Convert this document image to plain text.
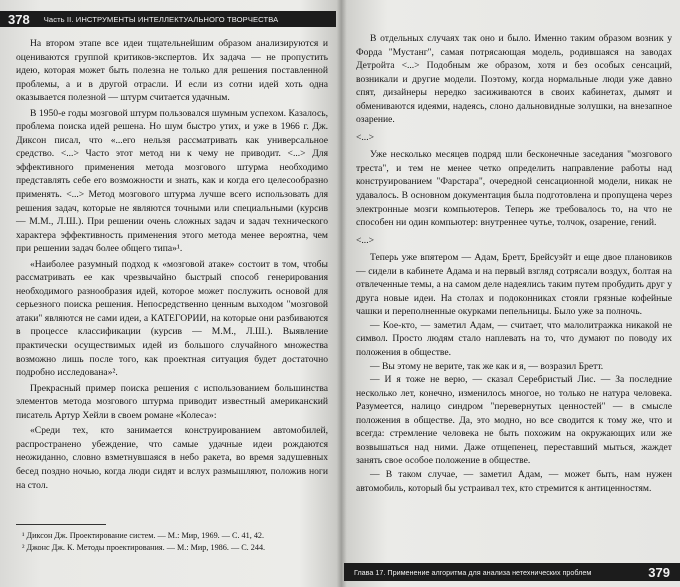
378	Часть II. ИНСТРУМЕНТЫ ИНТЕЛЛЕКТУАЛЬНОГО ТВОРЧЕСТВА

На втором этапе все идеи тщательнейшим образом анализируются и оцениваются группой критиков-экспертов. Их задача — не пропустить идею, которая может быть полезна не только для решения поставленной проблемы, а и в другой отрасли. И если из сотни идей хоть одна оказывается полезной — штурм считается удачным.

В 1950-е годы мозговой штурм пользовался шумным успехом. Казалось, проблема поиска идей решена. Но шум быстро утих, и уже в 1966 г. Дж. Диксон писал, что «...его нельзя рассматривать как универсальное средство. <...> Часто этот метод ни к чему не приводит. <...> Для эффективного применения метода мозгового штурма необходимо представлять себе его возможности и знать, как и когда его целесообразно применять. <...> Метод мозгового штурма лучше всего использовать для решения задач, которые не являются точными или специальными (курсив — М.М., Л.Ш.). При решении очень сложных задач и задач технического характера эффективность применения этого метода менее вероятна, чем при решении задач более общего типа»¹.

«Наиболее разумный подход к «мозговой атаке» состоит в том, чтобы рассматривать ее как чрезвычайно быстрый способ генерирования необходимого разнообразия идей, которое может послужить основой для серьезного поиска решения. Непосредственно ценным выходом "мозговой атаки" являются не сами идеи, а КАТЕГОРИИ, на которые они разбиваются в процессе классификации (курсив — М.М., Л.Ш.). Выявление практически осуществимых идей из большого случайного множества возможно лишь после того, как проектная ситуация будет достаточно подробно исследована»².

Прекрасный пример поиска решения с использованием большинства элементов метода мозгового штурма приводит известный американский писатель Артур Хейли в своем романе «Колеса»:

«Среди тех, кто занимается конструированием автомобилей, распространено убеждение, что самые удачные идеи рождаются неожиданно, словно взметнувшаяся в небо ракета, во время задушевных бесед поздно ночью, когда люди сидят и вслух размышляют, положив ноги на стол.

¹ Диксон Дж. Проектирование систем. — М.: Мир, 1969. — С. 41, 42.
² Джонс Дж. К. Методы проектирования. — М.: Мир, 1986. — С. 244.

В отдельных случаях так оно и было. Именно таким образом возник у Форда "Мустанг", самая потрясающая модель, родившаяся на заводах Детройта <...> Подобным же образом, хотя и без особых сенсаций, возникали и другие модели. Поэтому, когда нормальные люди уже давно спят, дизайнеры нередко засиживаются в своих кабинетах, дымят и обмениваются идеями, надеясь, слоно дальновидные золушки, на внезапное озарение.

<...>

Уже несколько месяцев подряд шли бесконечные заседания "мозгового треста", и тем не менее четко определить направление работы над конструированием "Фарстара", очередной сенсационной модели, никак не удавалось. В основном документация была подготовлена и пропущена через электронные мозги компьютеров. Теперь же требовалось то, на что не способен ни один компьютер: внутреннее чутье, толчок, озарение, гений.

<...>

Теперь уже впятером — Адам, Бретт, Брейсуэйт и еще двое плановиков — сидели в кабинете Адама и на первый взгляд сотрясали воздух, болтая на отвлеченные темы, а на самом деле надеялись таким путем пробудить друг у друга новые идеи. На столах и подоконниках стояли грязные кофейные чашки и переполненные окурками пепельницы. Было уже за полночь.

— Кое-кто, — заметил Адам, — считает, что малолитражка никакой не символ. Просто людям стало наплевать на то, что думают по поводу их положения в обществе.

— Вы этому не верите, так же как и я, — возразил Бретт.

— И я тоже не верю, — сказал Серебристый Лис. — За последние несколько лет, конечно, изменилось многое, но только не натура человека. Разумеется, налицо синдром "перевернутых ценностей" — в смысле положения в обществе. Да, это модно, но все сводится к тому же, что и всегда: стремление человека не быть похожим на окружающих или же возвышаться над ними. Даже отщепенец, переставший мыться, жаждет занять свое особое положение в обществе.

— В таком случае, — заметил Адам, — может быть, нам нужен автомобиль, который бы устраивал тех, кто стремится к антиценностям.

Глава 17. Применение алгоритма для анализа нетехнических проблем	379
